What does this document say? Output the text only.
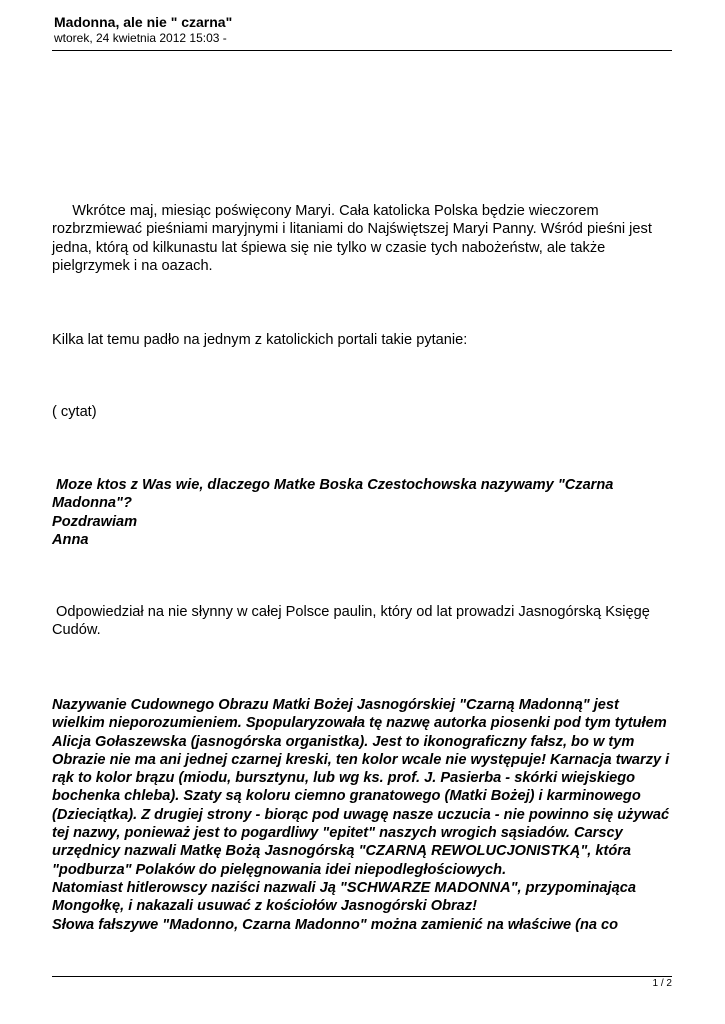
Madonna, ale nie " czarna"
wtorek, 24 kwietnia 2012 15:03 -

Wkrótce maj, miesiąc poświęcony Maryi. Cała katolicka Polska będzie wieczorem
rozbrzmiewać pieśniami maryjnymi i litaniami do Najświętszej Maryi Panny. Wśród pieśni jest
jedna, którą od kilkunastu lat śpiewa się nie tylko w czasie tych nabożeństw, ale także
pielgrzymek i na oazach.

Kilka lat temu padło na jednym z katolickich portali takie pytanie:

( cytat)

Moze ktos z Was wie, dlaczego Matke Boska Czestochowska nazywamy "Czarna
Madonna"?
Pozdrawiam
Anna

Odpowiedział na nie słynny w całej Polsce paulin, który od lat prowadzi Jasnogórską Księgę
Cudów.

Nazywanie Cudownego Obrazu Matki Bożej Jasnogórskiej "Czarną Madonną" jest
wielkim nieporozumieniem. Spopularyzowała tę nazwę autorka piosenki pod tym tytułem
Alicja Gołaszewska (jasnogórska organistka). Jest to ikonograficzny fałsz, bo w tym
Obrazie nie ma ani jednej czarnej kreski, ten kolor wcale nie występuje! Karnacja twarzy i
rąk to kolor brązu (miodu, bursztynu, lub wg ks. prof. J. Pasierba - skórki wiejskiego
bochenka chleba). Szaty są koloru ciemno granatowego (Matki Bożej) i karminowego
(Dzieciątka). Z drugiej strony - biorąc pod uwagę nasze uczucia - nie powinno się używać
tej nazwy, ponieważ jest to pogardliwy "epitet" naszych wrogich sąsiadów. Carscy
urzędnicy nazwali Matkę Bożą Jasnogórską "CZARNĄ REWOLUCJONISTKĄ", która
"podburza" Polaków do pielęgnowania idei niepodległościowych.
Natomiast hitlerowscy naziści nazwali Ją "SCHWARZE MADONNA", przypominająca
Mongołkę, i nakazali usuwać z kościołów Jasnogórski Obraz!
Słowa fałszywe "Madonno, Czarna Madonno" można zamienić na właściwe (na co

1 / 2
